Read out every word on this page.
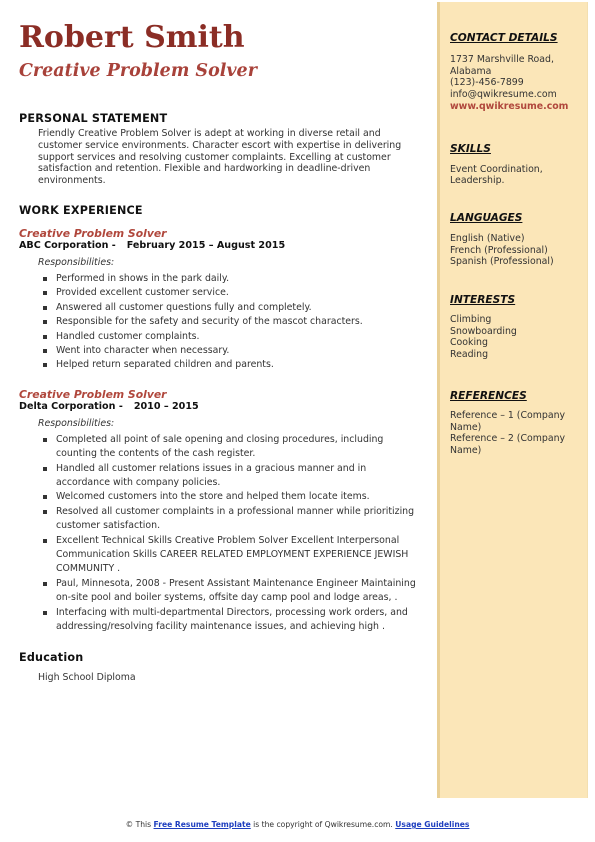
Robert Smith
Creative Problem Solver
PERSONAL STATEMENT

Friendly Creative Problem Solver is adept at working in diverse retail and customer service environments. Character escort with expertise in delivering support services and resolving customer complaints. Excelling at customer satisfaction and retention. Flexible and hardworking in deadline-driven environments.

WORK EXPERIENCE

Creative Problem Solver

ABC Corporation - February 2015 – August 2015

Responsibilities:

Performed in shows in the park daily.
Provided excellent customer service.
Answered all customer questions fully and completely.
Responsible for the safety and security of the mascot characters.
Handled customer complaints.
Went into character when necessary.
Helped return separated children and parents.

Creative Problem Solver

Delta Corporation - 2010 – 2015

Responsibilities:

Completed all point of sale opening and closing procedures, including counting the contents of the cash register.
Handled all customer relations issues in a gracious manner and in accordance with company policies.
Welcomed customers into the store and helped them locate items.
Resolved all customer complaints in a professional manner while prioritizing customer satisfaction.
Excellent Technical Skills Creative Problem Solver Excellent Interpersonal Communication Skills CAREER RELATED EMPLOYMENT EXPERIENCE JEWISH COMMUNITY .
Paul, Minnesota, 2008 - Present Assistant Maintenance Engineer Maintaining on-site pool and boiler systems, offsite day camp pool and lodge areas, .
Interfacing with multi-departmental Directors, processing work orders, and addressing/resolving facility maintenance issues, and achieving high .
Education

High School Diploma

CONTACT DETAILS

1737 Marshville Road,

Alabama

(123)-456-7899

info@qwikresume.com

www.qwikresume.com

SKILLS

Event Coordination, Leadership.

LANGUAGES

English (Native)

French (Professional)

Spanish (Professional)

INTERESTS

Climbing

Snowboarding

Cooking

Reading

REFERENCES

Reference – 1 (Company Name)

Reference – 2 (Company Name)

© This Free Resume Template is the copyright of Qwikresume.com. Usage Guidelines
